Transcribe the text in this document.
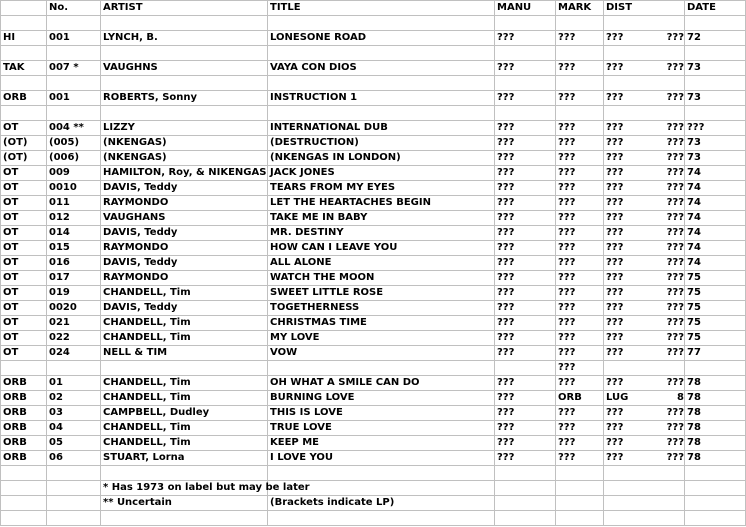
	No.	ARTIST	TITLE	MANU	MARK	DIST		DATE

HI	001	LYNCH, B.	LONESONE ROAD	???	???	???	???	72

TAK	007 *	VAUGHNS	VAYA CON DIOS	???	???	???	???	73

ORB	001	ROBERTS, Sonny	INSTRUCTION 1	???	???	???	???	73

OT	004 **	LIZZY	INTERNATIONAL DUB	???	???	???	???	???
(OT)	(005)	(NKENGAS)	(DESTRUCTION)	???	???	???	???	73
(OT)	(006)	(NKENGAS)	(NKENGAS IN LONDON)	???	???	???	???	73
OT	009	HAMILTON, Roy, & NIKENGAS	JACK JONES	???	???	???	???	74
OT	0010	DAVIS, Teddy	TEARS FROM MY EYES	???	???	???	???	74
OT	011	RAYMONDO	LET THE HEARTACHES BEGIN	???	???	???	???	74
OT	012	VAUGHANS	TAKE ME IN BABY	???	???	???	???	74
OT	014	DAVIS, Teddy	MR. DESTINY	???	???	???	???	74
OT	015	RAYMONDO	HOW CAN I LEAVE YOU	???	???	???	???	74
OT	016	DAVIS, Teddy	ALL ALONE	???	???	???	???	74
OT	017	RAYMONDO	WATCH THE MOON	???	???	???	???	75
OT	019	CHANDELL, Tim	SWEET LITTLE ROSE	???	???	???	???	75
OT	0020	DAVIS, Teddy	TOGETHERNESS	???	???	???	???	75
OT	021	CHANDELL, Tim	CHRISTMAS TIME	???	???	???	???	75
OT	022	CHANDELL, Tim	MY LOVE	???	???	???	???	75
OT	024	NELL & TIM	VOW	???	???	???	???	77
					???			
ORB	01	CHANDELL, Tim	OH WHAT A SMILE CAN DO	???	???	???	???	78
ORB	02	CHANDELL, Tim	BURNING LOVE	???	ORB	LUG	8	78
ORB	03	CAMPBELL, Dudley	THIS IS LOVE	???	???	???	???	78
ORB	04	CHANDELL, Tim	TRUE LOVE	???	???	???	???	78
ORB	05	CHANDELL, Tim	KEEP ME	???	???	???	???	78
ORB	06	STUART, Lorna	I LOVE YOU	???	???	???	???	78

		* Has 1973 on label but may be later						
		** Uncertain	(Brackets indicate LP)					
